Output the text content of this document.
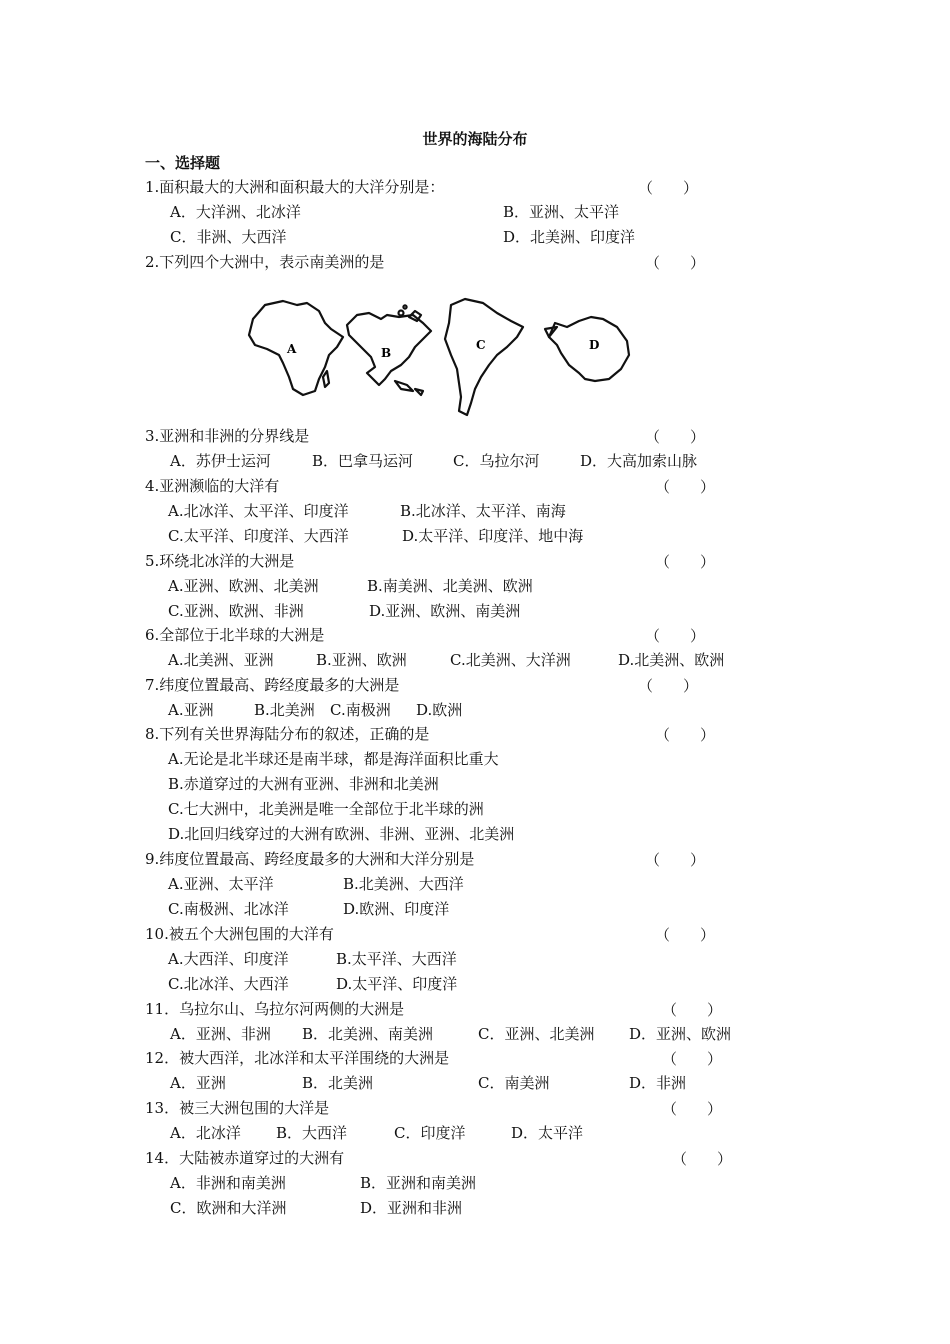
世界的海陆分布
一、选择题
1.面积最大的大洲和面积最大的大洋分别是：	（　　）
A．大洋洲、北冰洋	B．亚洲、太平洋
C．非洲、大西洋	D．北美洲、印度洋
2.下列四个大洲中，表示南美洲的是	（　　）
A	B
C	D
3.亚洲和非洲的分界线是	（　　）
A．苏伊士运河	B．巴拿马运河	C．乌拉尔河	D．大高加索山脉
4.亚洲濒临的大洋有	（　　）
A.北冰洋、太平洋、印度洋	B.北冰洋、太平洋、南海
C.太平洋、印度洋、大西洋	D.太平洋、印度洋、地中海
5.环绕北冰洋的大洲是	（　　）
A.亚洲、欧洲、北美洲	B.南美洲、北美洲、欧洲
C.亚洲、欧洲、非洲	D.亚洲、欧洲、南美洲
6.全部位于北半球的大洲是	（　　）
A.北美洲、亚洲	B.亚洲、欧洲	C.北美洲、大洋洲	D.北美洲、欧洲
7.纬度位置最高、跨经度最多的大洲是	（　　）
A.亚洲	B.北美洲 C.南极洲 D.欧洲
8.下列有关世界海陆分布的叙述，正确的是	（　　）
A.无论是北半球还是南半球，都是海洋面积比重大
B.赤道穿过的大洲有亚洲、非洲和北美洲
C.七大洲中，北美洲是唯一全部位于北半球的洲
D.北回归线穿过的大洲有欧洲、非洲、亚洲、北美洲
9.纬度位置最高、跨经度最多的大洲和大洋分别是	（　　）
A.亚洲、太平洋	B.北美洲、大西洋
C.南极洲、北冰洋	D.欧洲、印度洋
10.被五个大洲包围的大洋有	（　　）
A.大西洋、印度洋	B.太平洋、大西洋
C.北冰洋、大西洋	D.太平洋、印度洋
11．乌拉尔山、乌拉尔河两侧的大洲是	（　　）
A．亚洲、非洲 B．北美洲、南美洲	C．亚洲、北美洲 D．亚洲、欧洲
12．被大西洋，北冰洋和太平洋围绕的大洲是	（　　）
A．亚洲	B．北美洲	C．南美洲	D．非洲
13．被三大洲包围的大洋是	（　　）
A．北冰洋 B．大西洋	C．印度洋	D．太平洋
14．大陆被赤道穿过的大洲有	（　　）
A．非洲和南美洲	B．亚洲和南美洲
C．欧洲和大洋洲	D．亚洲和非洲
